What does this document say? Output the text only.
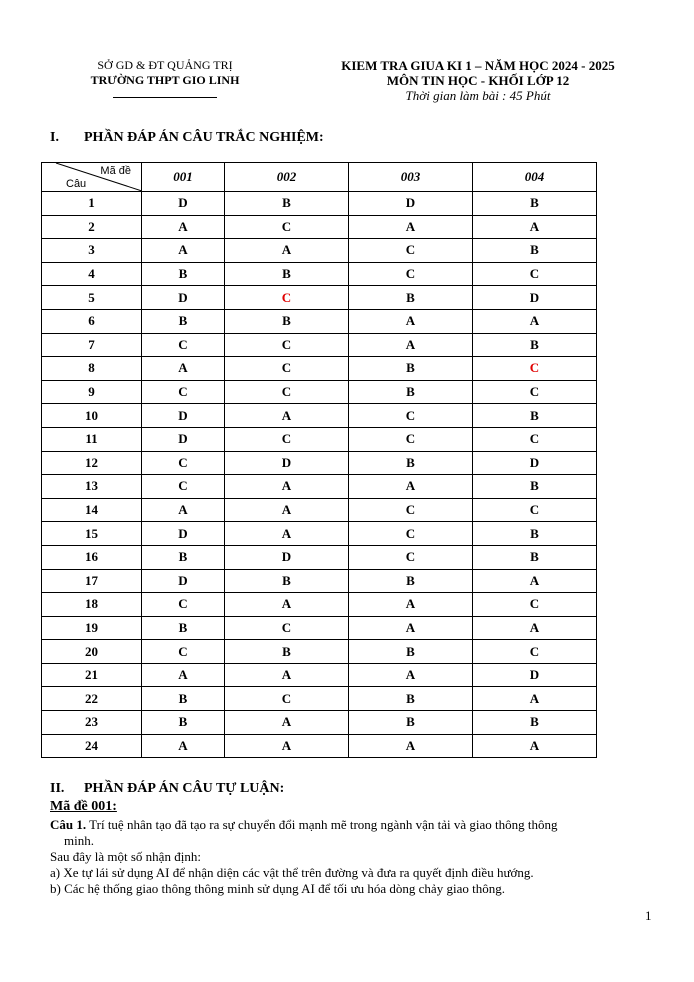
SỞ GD & ĐT QUẢNG TRỊ
TRƯỜNG THPT GIO LINH
KIEM TRA GIUA KI 1 – NĂM HỌC 2024 - 2025
MÔN TIN HỌC - KHỐI LỚP 12
Thời gian làm bài : 45 Phút
I. PHẦN ĐÁP ÁN CÂU TRẮC NGHIỆM:
Mã đề
Câu	001	002	003	004
1	D	B	D	B
2	A	C	A	A
3	A	A	C	B
4	B	B	C	C
5	D	C	B	D
6	B	B	A	A
7	C	C	A	B
8	A	C	B	C
9	C	C	B	C
10	D	A	C	B
11	D	C	C	C
12	C	D	B	D
13	C	A	A	B
14	A	A	C	C
15	D	A	C	B
16	B	D	C	B
17	D	B	B	A
18	C	A	A	C
19	B	C	A	A
20	C	B	B	C
21	A	A	A	D
22	B	C	B	A
23	B	A	B	B
24	A	A	A	A
II. PHẦN ĐÁP ÁN CÂU TỰ LUẬN:
Mã đề 001:

Câu 1. Trí tuệ nhân tạo đã tạo ra sự chuyển đổi mạnh mẽ trong ngành vận tải và giao thông thông

minh.

Sau đây là một số nhận định:

a) Xe tự lái sử dụng AI để nhận diện các vật thể trên đường và đưa ra quyết định điều hướng.

b) Các hệ thống giao thông thông minh sử dụng AI để tối ưu hóa dòng chảy giao thông.

1
